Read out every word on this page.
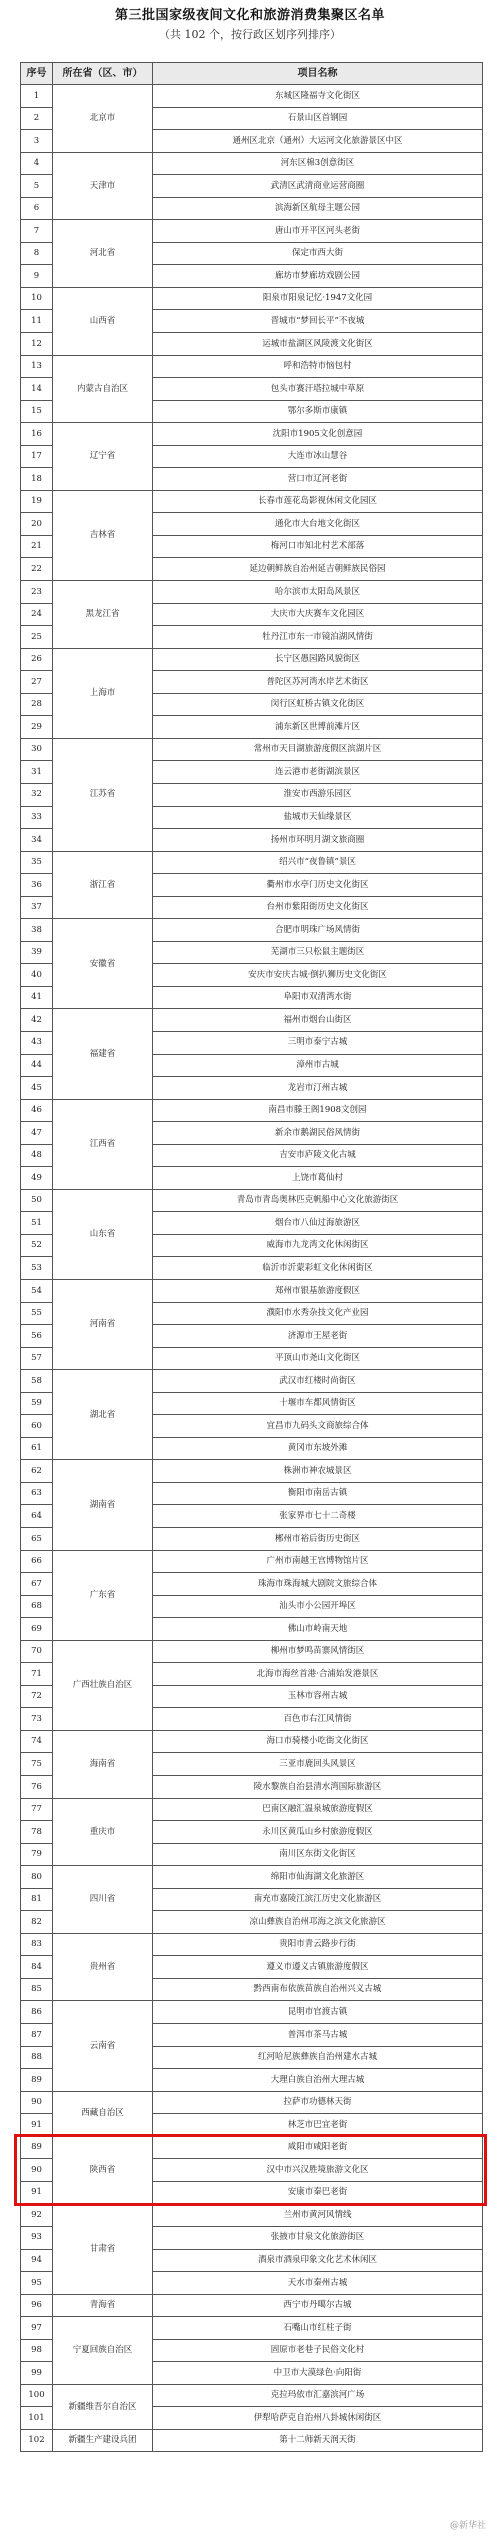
第三批国家级夜间文化和旅游消费集聚区名单
（共 102 个，按行政区划序列排序）
序号	所在省（区、市）	项目名称
1	北京市	东城区隆福寺文化街区
2		石景山区首钢园
3		通州区北京（通州）大运河文化旅游景区中区
4	天津市	河东区棉3创意街区
5		武清区武清商业运营商圈
6		滨海新区航母主题公园
7	河北省	唐山市开平区河头老街
8		保定市西大街
9		廊坊市梦廊坊戏剧公园
10	山西省	阳泉市阳泉记忆·1947文化园
11		晋城市“梦回长平”不夜城
12		运城市盐湖区风陵渡文化街区
13	内蒙古自治区	呼和浩特市恼包村
14		包头市赛汗塔拉城中草原
15		鄂尔多斯市康镇
16	辽宁省	沈阳市1905文化创意园
17		大连市冰山慧谷
18		营口市辽河老街
19	吉林省	长春市莲花岛影视休闲文化园区
20		通化市大台地文化街区
21		梅河口市知北村艺术部落
22		延边朝鲜族自治州延吉朝鲜族民俗园
23	黑龙江省	哈尔滨市太阳岛风景区
24		大庆市大庆赛车文化园区
25		牡丹江市东一市镜泊湖风情街
26	上海市	长宁区愚园路风貌街区
27		普陀区苏河湾水岸艺术街区
28		闵行区虹桥古镇文化街区
29		浦东新区世博前滩片区
30	江苏省	常州市天目湖旅游度假区滨湖片区
31		连云港市老街湖滨景区
32		淮安市西游乐园区
33		盐城市天仙缘景区
34		扬州市环明月湖文旅商圈
35	浙江省	绍兴市“夜鲁镇”景区
36		衢州市水亭门历史文化街区
37		台州市紫阳街历史文化街区
38	安徽省	合肥市明珠广场风情街
39		芜湖市三只松鼠主题街区
40		安庆市安庆古城·倒扒狮历史文化街区
41		阜阳市双清湾水街
42	福建省	福州市烟台山街区
43		三明市泰宁古城
44		漳州市古城
45		龙岩市汀州古城
46	江西省	南昌市滕王阁1908文创园
47		新余市鹅湖民俗风情街
48		吉安市庐陵文化古城
49		上饶市葛仙村
50	山东省	青岛市青岛奥林匹克帆船中心文化旅游街区
51		烟台市八仙过海旅游区
52		威海市九龙湾文化休闲街区
53		临沂市沂蒙彩虹文化休闲街区
54	河南省	郑州市银基旅游度假区
55		濮阳市水秀杂技文化产业园
56		济源市王屋老街
57		平顶山市尧山文化街区
58	湖北省	武汉市红楼时尚街区
59		十堰市车都风情街区
60		宜昌市九码头文商旅综合体
61		黄冈市东坡外滩
62	湖南省	株洲市神农城景区
63		衡阳市南岳古镇
64		张家界市七十二奇楼
65		郴州市裕后街历史街区
66	广东省	广州市南越王宫博物馆片区
67		珠海市珠海城大剧院文旅综合体
68		汕头市小公园开埠区
69		佛山市岭南天地
70	广西壮族自治区	柳州市梦鸣苗寨风情街区
71		北海市海丝首港·合浦始发港景区
72		玉林市容州古城
73		百色市右江风情街
74	海南省	海口市骑楼小吃街文化街区
75		三亚市鹿回头风景区
76		陵水黎族自治县清水湾国际旅游区
77	重庆市	巴南区融汇温泉城旅游度假区
78		永川区黄瓜山乡村旅游度假区
79		南川区东街文化街区
80	四川省	绵阳市仙海湖文化旅游区
81		南充市嘉陵江滨江历史文化旅游区
82		凉山彝族自治州邛海之滨文化旅游区
83	贵州省	贵阳市青云路步行街
84		遵义市遵义古镇旅游度假区
85		黔西南布依族苗族自治州兴义古城
86	云南省	昆明市官渡古镇
87		普洱市茶马古城
88		红河哈尼族彝族自治州建水古城
89		大理白族自治州大理古城
90	西藏自治区	拉萨市功德林天街
91		林芝市巴宜老街
89	陕西省	咸阳市咸阳老街
90		汉中市兴汉胜境旅游文化区
91		安康市秦巴老街
92	甘肃省	兰州市黄河风情线
93		张掖市甘泉文化旅游街区
94		酒泉市酒泉印象文化艺术休闲区
95		天水市秦州古城
96	青海省	西宁市丹噶尔古城
97	宁夏回族自治区	石嘴山市红柱子街
98		固原市老巷子民俗文化村
99		中卫市大漠绿色·向阳街
100	新疆维吾尔自治区	克拉玛依市汇嘉滨河广场
101		伊犁哈萨克自治州八卦城休闲街区
102	新疆生产建设兵团	第十二师新天润天街
@新华社
